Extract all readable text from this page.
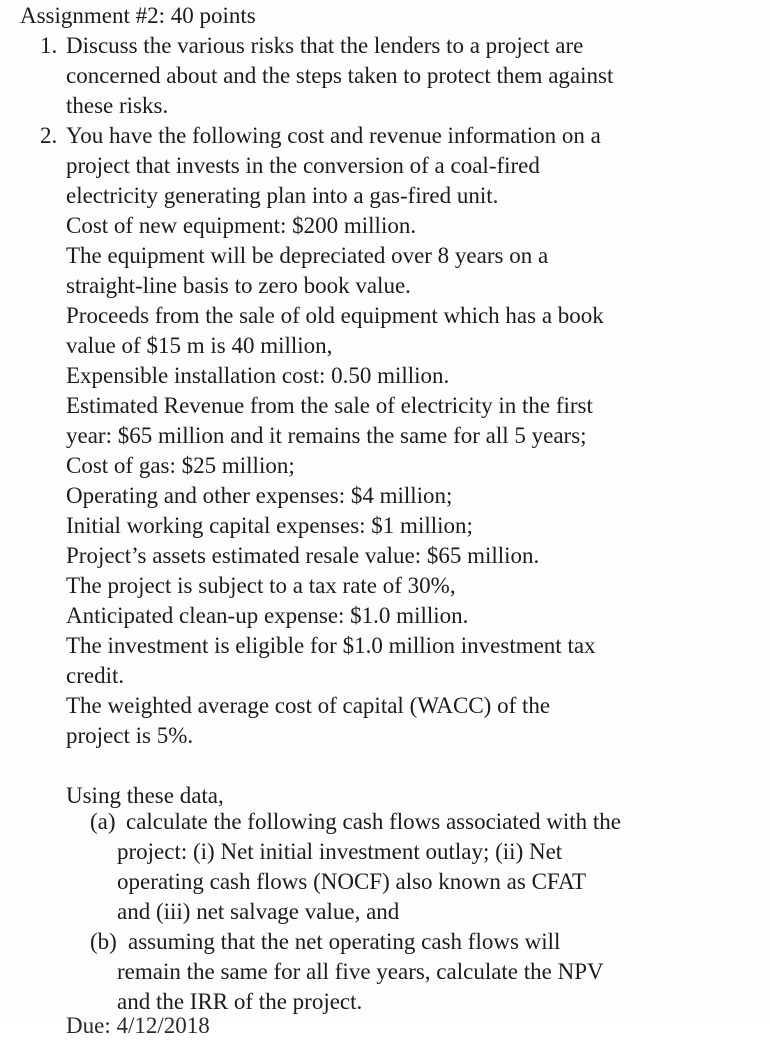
Assignment #2: 40 points
1. Discuss the various risks that the lenders to a project are
concerned about and the steps taken to protect them against
these risks.
2. You have the following cost and revenue information on a
project that invests in the conversion of a coal-fired
electricity generating plan into a gas-fired unit.
Cost of new equipment: $200 million.
The equipment will be depreciated over 8 years on a
straight-line basis to zero book value.
Proceeds from the sale of old equipment which has a book
value of $15 m is 40 million,
Expensible installation cost: 0.50 million.
Estimated Revenue from the sale of electricity in the first
year: $65 million and it remains the same for all 5 years;
Cost of gas: $25 million;
Operating and other expenses: $4 million;
Initial working capital expenses: $1 million;
Project’s assets estimated resale value: $65 million.
The project is subject to a tax rate of 30%,
Anticipated clean-up expense: $1.0 million.
The investment is eligible for $1.0 million investment tax
credit.
The weighted average cost of capital (WACC) of the
project is 5%.
Using these data,
(a) calculate the following cash flows associated with the
project: (i) Net initial investment outlay; (ii) Net
operating cash flows (NOCF) also known as CFAT
and (iii) net salvage value, and
(b) assuming that the net operating cash flows will
remain the same for all five years, calculate the NPV
and the IRR of the project.
Due: 4/12/2018
